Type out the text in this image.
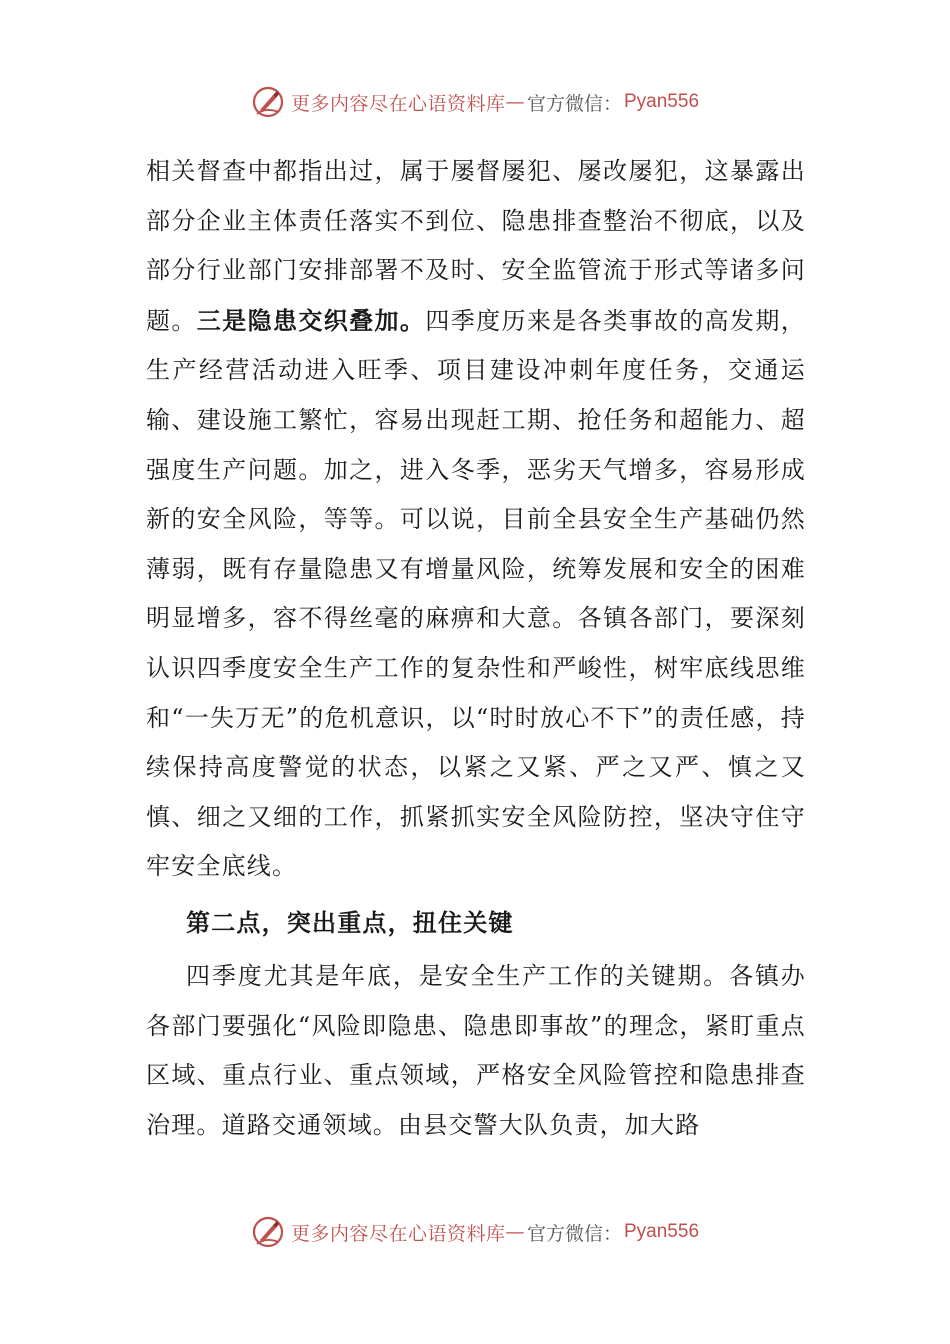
更多内容尽在心语资料库 — 官方微信： Pyan556

相关督查中都指出过，属于屡督屡犯、屡改屡犯，这暴露出部分企业主体责任落实不到位、隐患排查整治不彻底，以及部分行业部门安排部署不及时、安全监管流于形式等诸多问题。三是隐患交织叠加。四季度历来是各类事故的高发期，生产经营活动进入旺季、项目建设冲刺年度任务，交通运输、建设施工繁忙，容易出现赶工期、抢任务和超能力、超强度生产问题。加之，进入冬季，恶劣天气增多，容易形成新的安全风险，等等。可以说，目前全县安全生产基础仍然薄弱，既有存量隐患又有增量风险，统筹发展和安全的困难明显增多，容不得丝毫的麻痹和大意。各镇各部门，要深刻认识四季度安全生产工作的复杂性和严峻性，树牢底线思维和“一失万无”的危机意识，以“时时放心不下”的责任感，持续保持高度警觉的状态，以紧之又紧、严之又严、慎之又慎、细之又细的工作，抓紧抓实安全风险防控，坚决守住守牢安全底线。

第二点，突出重点，扭住关键

四季度尤其是年底，是安全生产工作的关键期。各镇办各部门要强化“风险即隐患、隐患即事故”的理念，紧盯重点区域、重点行业、重点领域，严格安全风险管控和隐患排查治理。道路交通领域。由县交警大队负责，加大路

更多内容尽在心语资料库 — 官方微信： Pyan556
